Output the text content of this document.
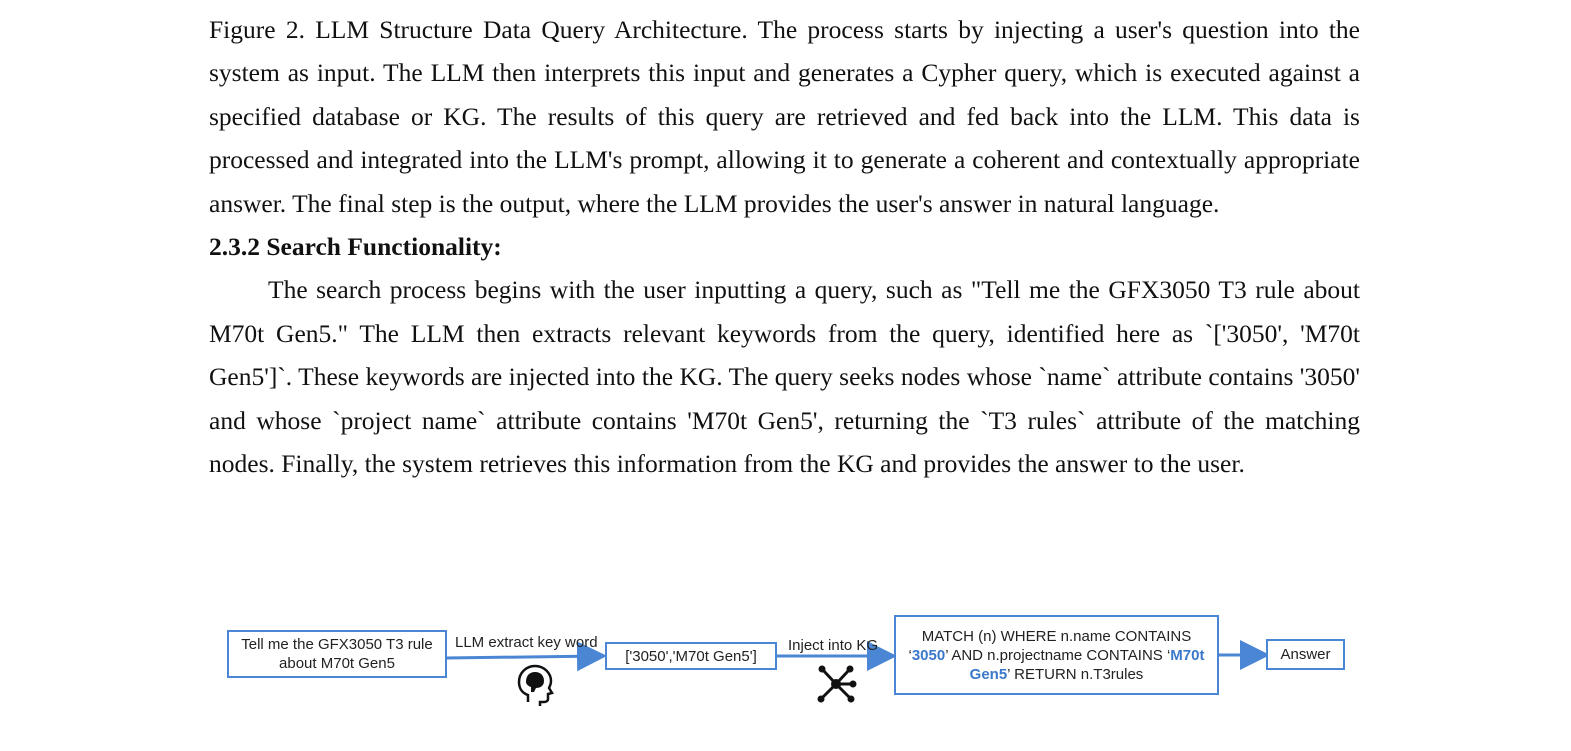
Figure 2. LLM Structure Data Query Architecture. The process starts by injecting a user's question into the system as input. The LLM then interprets this input and generates a Cypher query, which is executed against a specified database or KG. The results of this query are retrieved and fed back into the LLM. This data is processed and integrated into the LLM's prompt, allowing it to generate a coherent and contextually appropriate answer. The final step is the output, where the LLM provides the user's answer in natural language.

2.3.2 Search Functionality:

The search process begins with the user inputting a query, such as "Tell me the GFX3050 T3 rule about M70t Gen5." The LLM then extracts relevant keywords from the query, identified here as `['3050', 'M70t Gen5']`. These keywords are injected into the KG. The query seeks nodes whose `name` attribute contains '3050' and whose `project name` attribute contains 'M70t Gen5', returning the `T3 rules` attribute of the matching nodes. Finally, the system retrieves this information from the KG and provides the answer to the user.

Tell me the GFX3050 T3 rule about M70t Gen5
LLM extract key word
['3050','M70t Gen5']
Inject into KG
MATCH (n) WHERE n.name CONTAINS
‘3050’ AND n.projectname CONTAINS ‘M70t
Gen5’ RETURN n.T3rules
Answer
